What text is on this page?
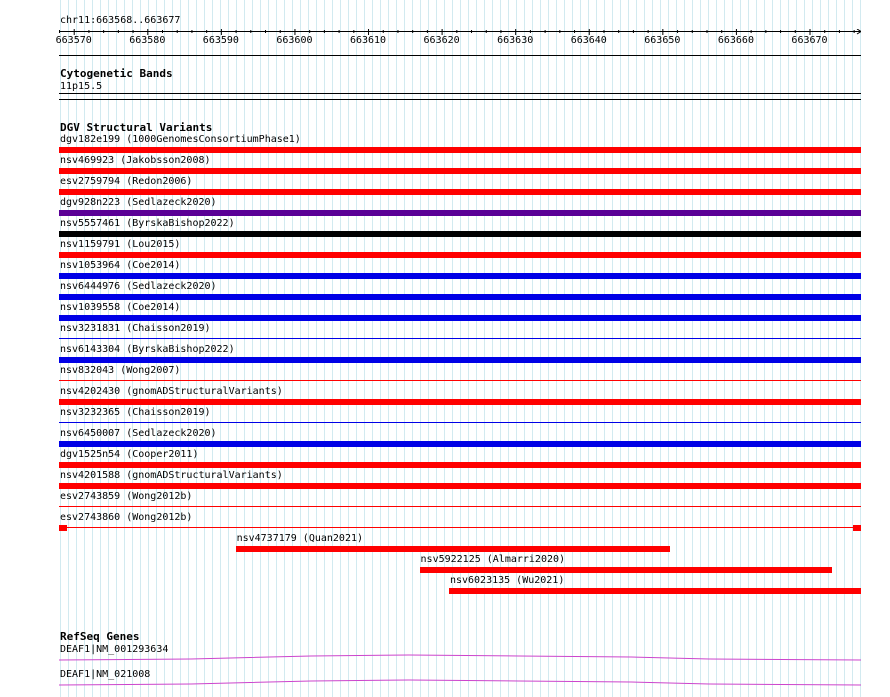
chr11:663568..663677
663570	663580	663590	663600	663610	663620	663630	663640	663650	663660	663670
Cytogenetic Bands
11p15.5
DGV Structural Variants
dgv182e199 (1000GenomesConsortiumPhase1)
nsv469923 (Jakobsson2008)
esv2759794 (Redon2006)
dgv928n223 (Sedlazeck2020)
nsv5557461 (ByrskaBishop2022)
nsv1159791 (Lou2015)
nsv1053964 (Coe2014)
nsv6444976 (Sedlazeck2020)
nsv1039558 (Coe2014)
nsv3231831 (Chaisson2019)
nsv6143304 (ByrskaBishop2022)
nsv832043 (Wong2007)
nsv4202430 (gnomADStructuralVariants)
nsv3232365 (Chaisson2019)
nsv6450007 (Sedlazeck2020)
dgv1525n54 (Cooper2011)
nsv4201588 (gnomADStructuralVariants)
esv2743859 (Wong2012b)
esv2743860 (Wong2012b)
nsv4737179 (Quan2021)
nsv5922125 (Almarri2020)
nsv6023135 (Wu2021)
RefSeq Genes
DEAF1|NM_001293634
DEAF1|NM_021008
